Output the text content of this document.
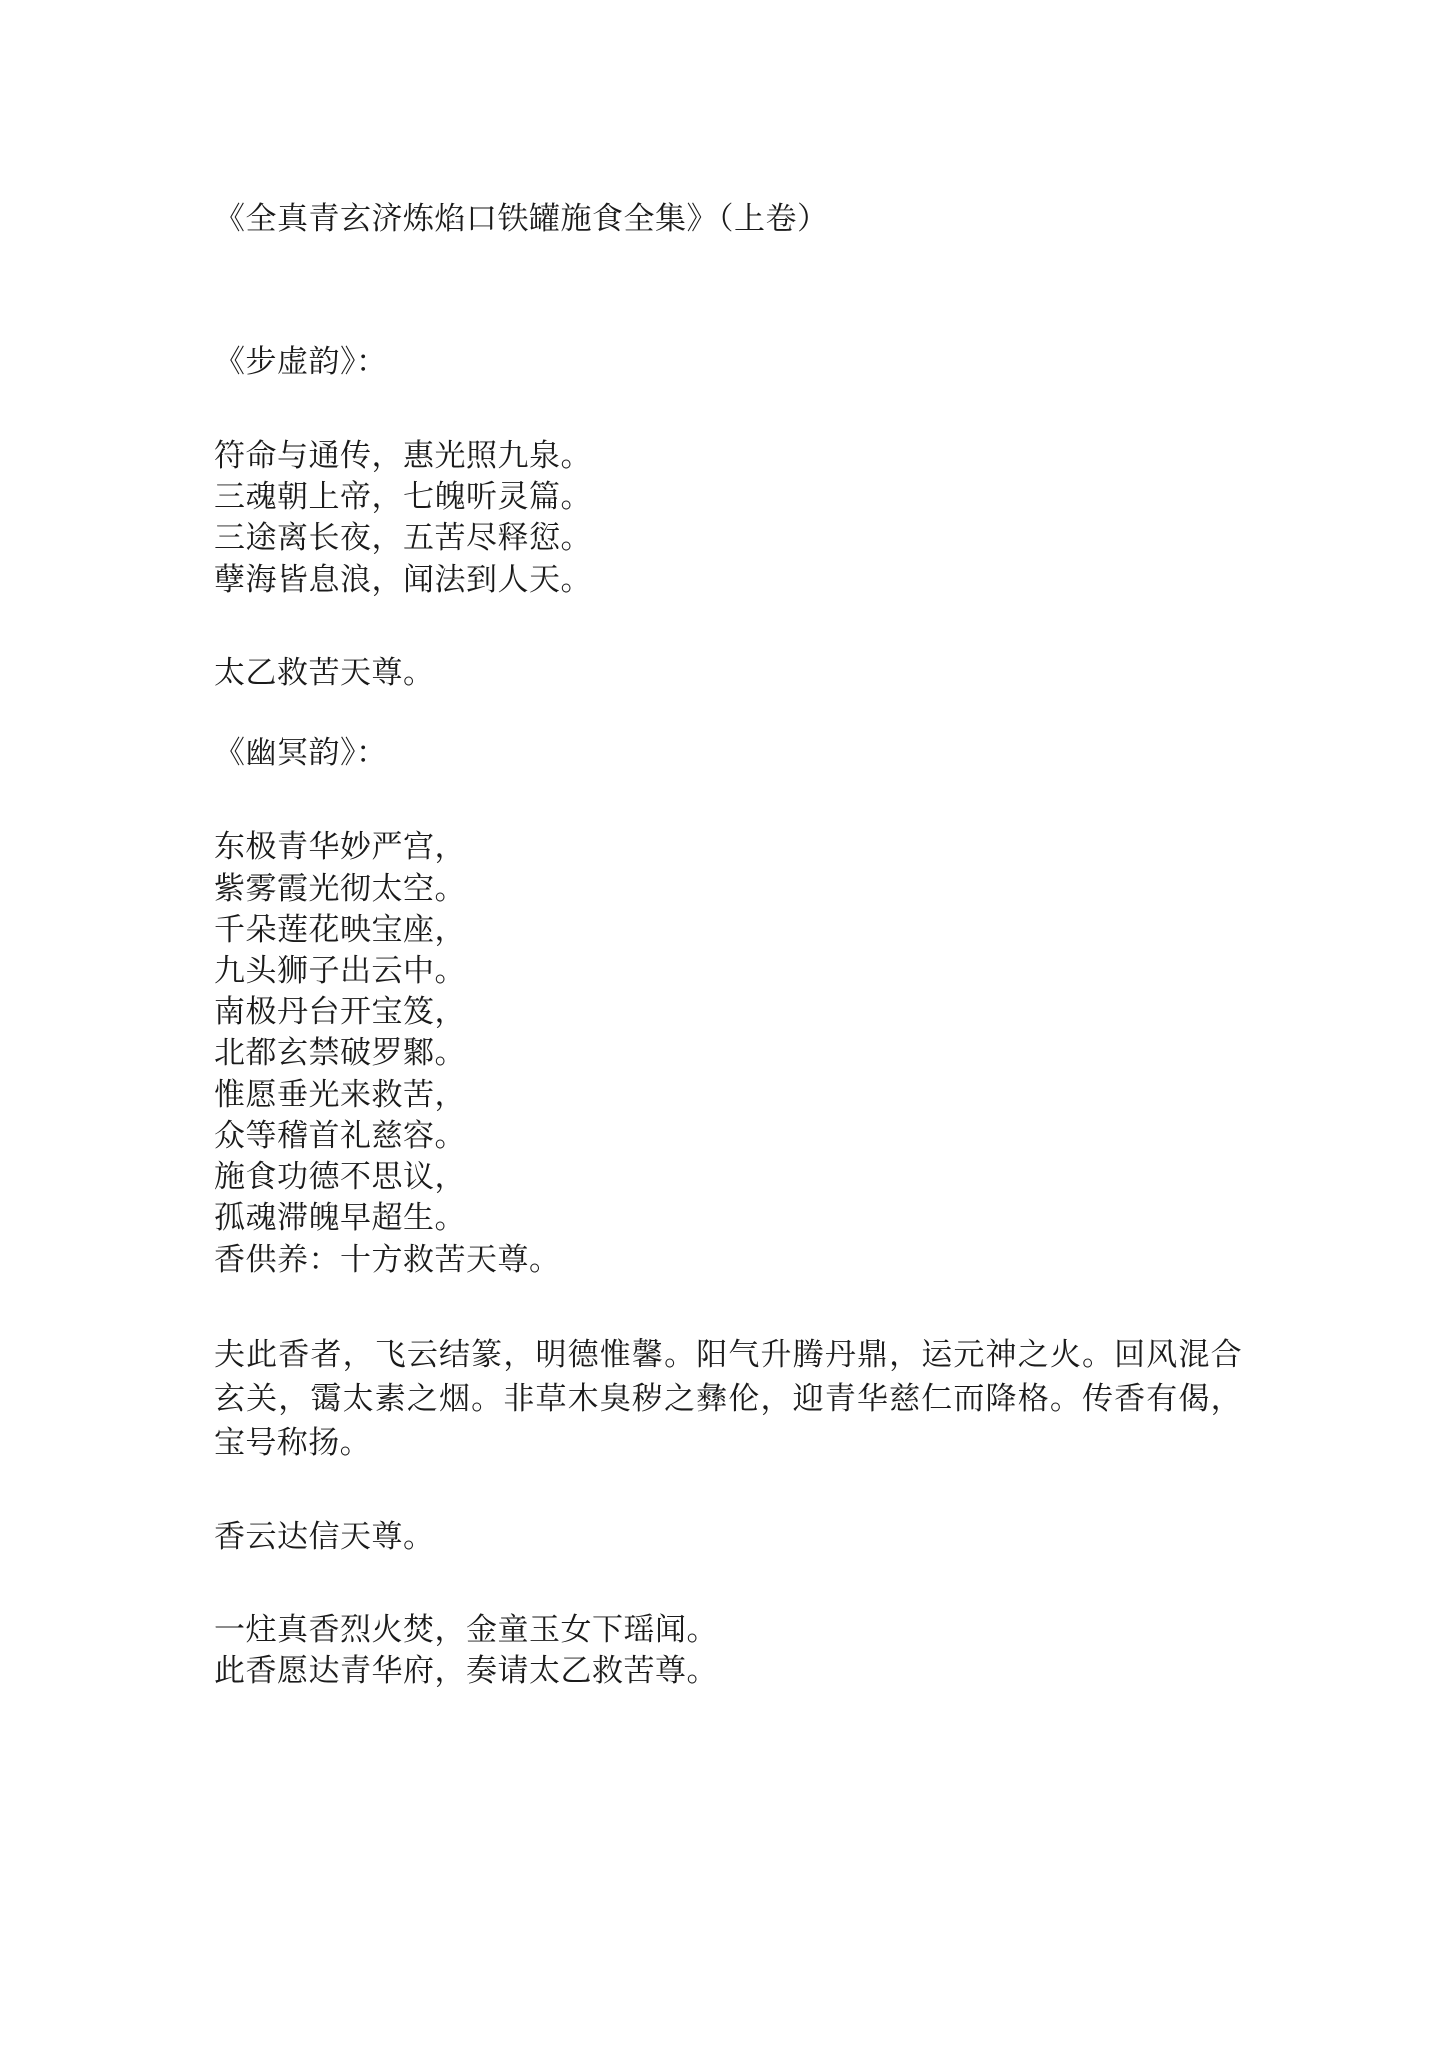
《全真青玄济炼焰口铁罐施食全集》（上卷）
《步虚韵》：
符命与通传，惠光照九泉。
三魂朝上帝，七魄听灵篇。
三途离长夜，五苦尽释愆。
孽海皆息浪，闻法到人天。
太乙救苦天尊。
《幽冥韵》：
东极青华妙严宫，
紫雾霞光彻太空。
千朵莲花映宝座，
九头狮子出云中。
南极丹台开宝笈，
北都玄禁破罗鄹。
惟愿垂光来救苦，
众等稽首礼慈容。
施食功德不思议，
孤魂滞魄早超生。
香供养：十方救苦天尊。
夫此香者，飞云结篆，明德惟馨。阳气升腾丹鼎，运元神之火。回风混合玄关，霭太素之烟。非草木臭秽之彝伦，迎青华慈仁而降格。传香有偈，宝号称扬。
香云达信天尊。
一炷真香烈火焚，金童玉女下瑶闻。
此香愿达青华府，奏请太乙救苦尊。
